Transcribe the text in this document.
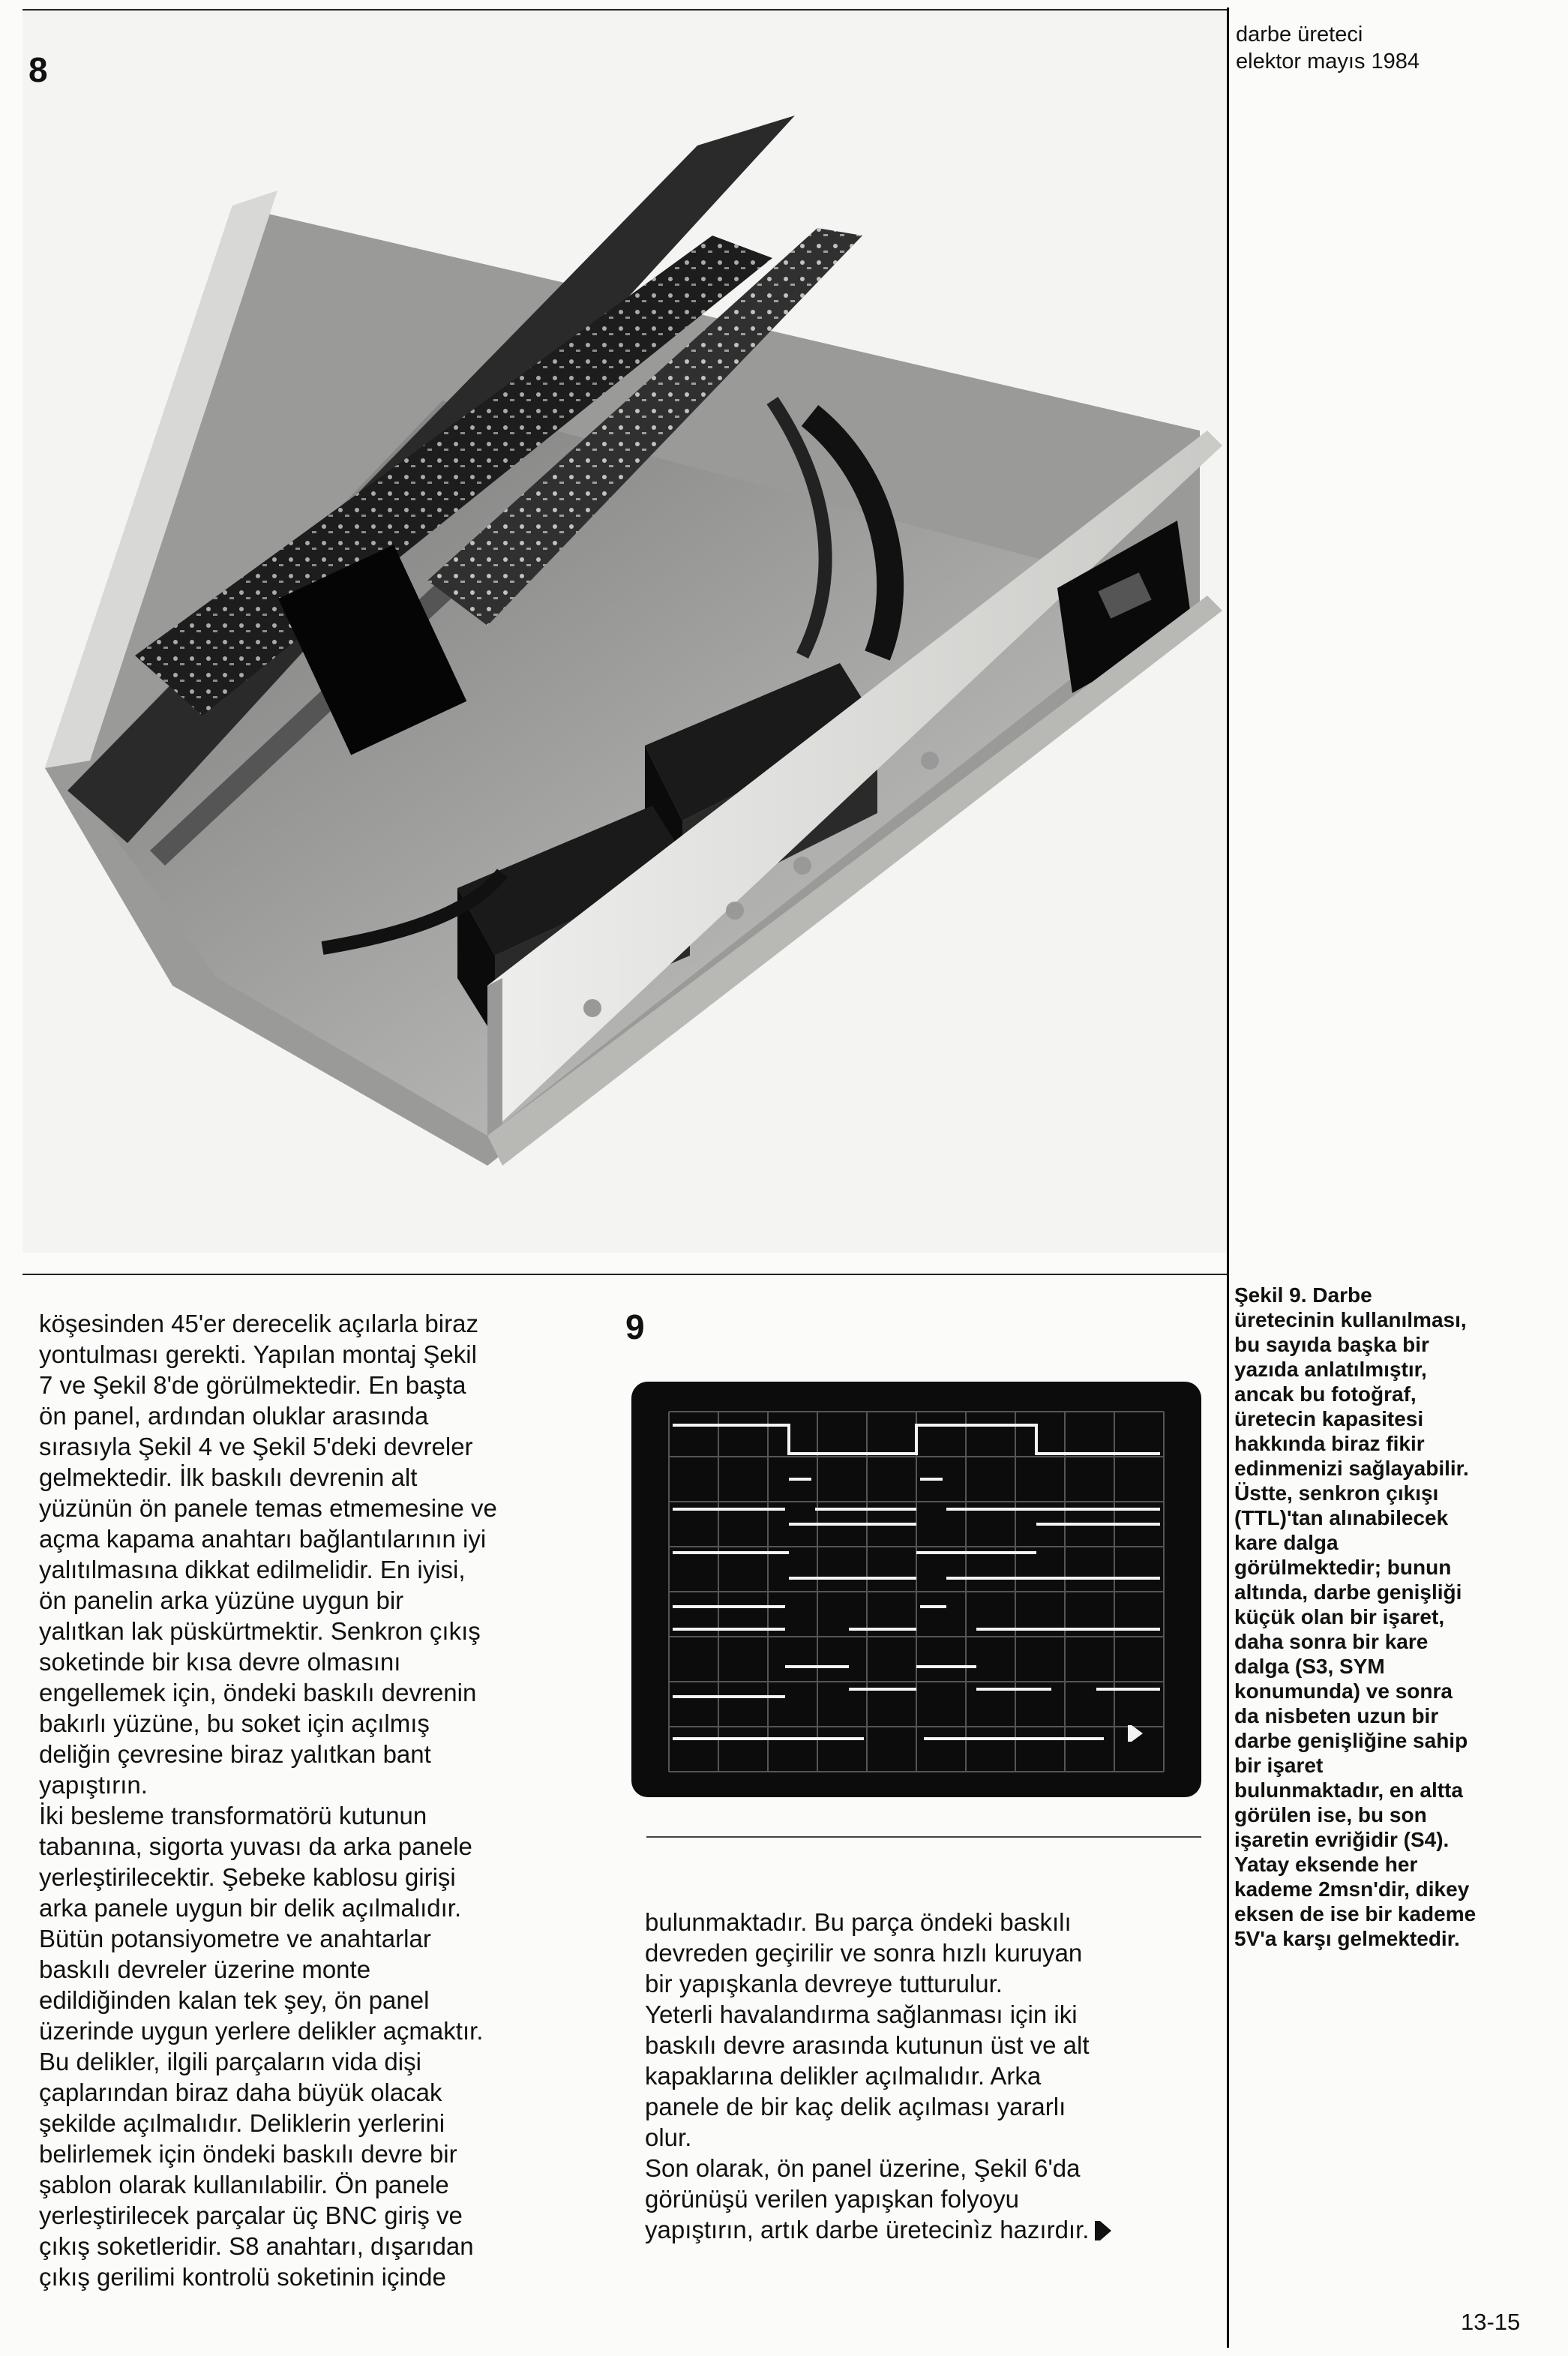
darbe üreteci
elektor mayıs 1984
8

köşesinden 45'er derecelik açılarla biraz

yontulması gerekti. Yapılan montaj Şekil

7 ve Şekil 8'de görülmektedir. En başta

ön panel, ardından oluklar arasında

sırasıyla Şekil 4 ve Şekil 5'deki devreler

gelmektedir. İlk baskılı devrenin alt

yüzünün ön panele temas etmemesine ve

açma kapama anahtarı bağlantılarının iyi

yalıtılmasına dikkat edilmelidir. En iyisi,

ön panelin arka yüzüne uygun bir

yalıtkan lak püskürtmektir. Senkron çıkış

soketinde bir kısa devre olmasını

engellemek için, öndeki baskılı devrenin

bakırlı yüzüne, bu soket için açılmış

deliğin çevresine biraz yalıtkan bant

yapıştırın.

İki besleme transformatörü kutunun

tabanına, sigorta yuvası da arka panele

yerleştirilecektir. Şebeke kablosu girişi

arka panele uygun bir delik açılmalıdır.

Bütün potansiyometre ve anahtarlar

baskılı devreler üzerine monte

edildiğinden kalan tek şey, ön panel

üzerinde uygun yerlere delikler açmaktır.

Bu delikler, ilgili parçaların vida dişi

çaplarından biraz daha büyük olacak

şekilde açılmalıdır. Deliklerin yerlerini

belirlemek için öndeki baskılı devre bir

şablon olarak kullanılabilir. Ön panele

yerleştirilecek parçalar üç BNC giriş ve

çıkış soketleridir. S8 anahtarı, dışarıdan

çıkış gerilimi kontrolü soketinin içinde

9

bulunmaktadır. Bu parça öndeki baskılı

devreden geçirilir ve sonra hızlı kuruyan

bir yapışkanla devreye tutturulur.

Yeterli havalandırma sağlanması için iki

baskılı devre arasında kutunun üst ve alt

kapaklarına delikler açılmalıdır. Arka

panele de bir kaç delik açılması yararlı

olur.

Son olarak, ön panel üzerine, Şekil 6'da

görünüşü verilen yapışkan folyoyu

yapıştırın, artık darbe üretecinìz hazırdır.

Şekil 9. Darbe

üretecinin kullanılması,

bu sayıda başka bir

yazıda anlatılmıştır,

ancak bu fotoğraf,

üretecin kapasitesi

hakkında biraz fikir

edinmenizi sağlayabilir.

Üstte, senkron çıkışı

(TTL)'tan alınabilecek

kare dalga

görülmektedir; bunun

altında, darbe genişliği

küçük olan bir işaret,

daha sonra bir kare

dalga (S3, SYM

konumunda) ve sonra

da nisbeten uzun bir

darbe genişliğine sahip

bir işaret

bulunmaktadır, en altta

görülen ise, bu son

işaretin evriğidir (S4).

Yatay eksende her

kademe 2msn'dir, dikey

eksen de ise bir kademe

5V'a karşı gelmektedir.

13-15
